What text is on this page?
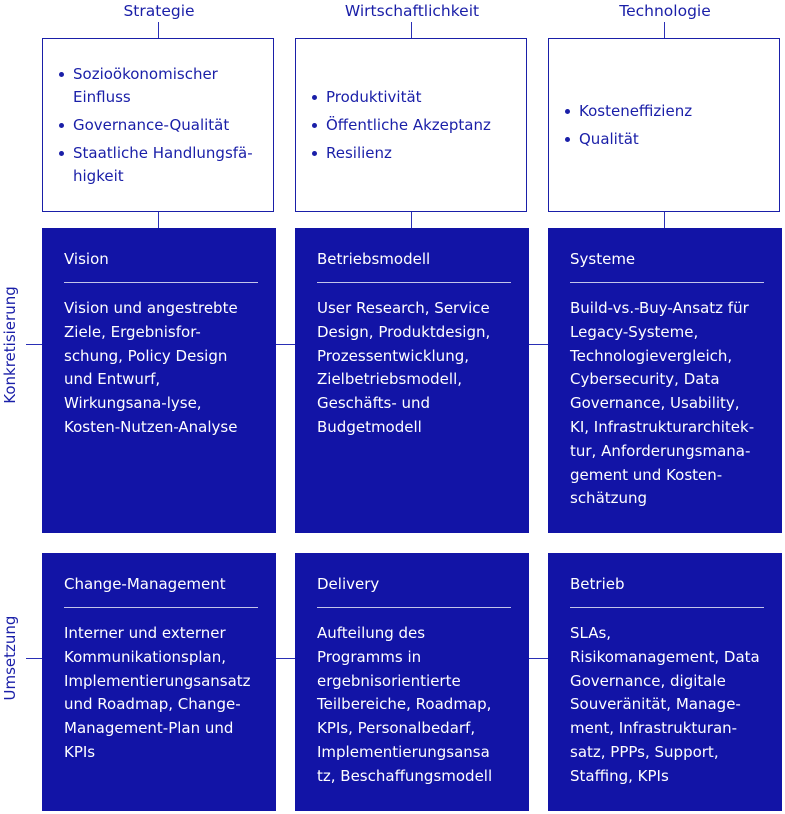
Strategie	Wirtschaftlichkeit	Technologie
Sozioökonomischer
Einfluss
Governance-Qualität
Staatliche Handlungsfä-
higkeit
Produktivität
Öffentliche Akzeptanz
Resilienz
Kosteneffizienz
Qualität
Konkretisierung
Umsetzung
Vision
Vision und angestrebte
Ziele, Ergebnisfor-
schung, Policy Design
und Entwurf,
Wirkungsana-lyse,
Kosten-Nutzen-Analyse
Betriebsmodell
User Research, Service
Design, Produktdesign,
Prozessentwicklung,
Zielbetriebsmodell,
Geschäfts- und
Budgetmodell
Systeme
Build-vs.-Buy-Ansatz für
Legacy-Systeme,
Technologievergleich,
Cybersecurity, Data
Governance, Usability,
KI, Infrastrukturarchitek-
tur, Anforderungsmana-
gement und Kosten-
schätzung
Change-Management
Interner und externer
Kommunikationsplan,
Implementierungsansatz
und Roadmap, Change-
Management-Plan und
KPIs
Delivery
Aufteilung des
Programms in
ergebnisorientierte
Teilbereiche, Roadmap,
KPIs, Personalbedarf,
Implementierungsansa
tz, Beschaffungsmodell
Betrieb
SLAs,
Risikomanagement, Data
Governance, digitale
Souveränität, Manage-
ment, Infrastrukturan-
satz, PPPs, Support,
Staffing, KPIs
